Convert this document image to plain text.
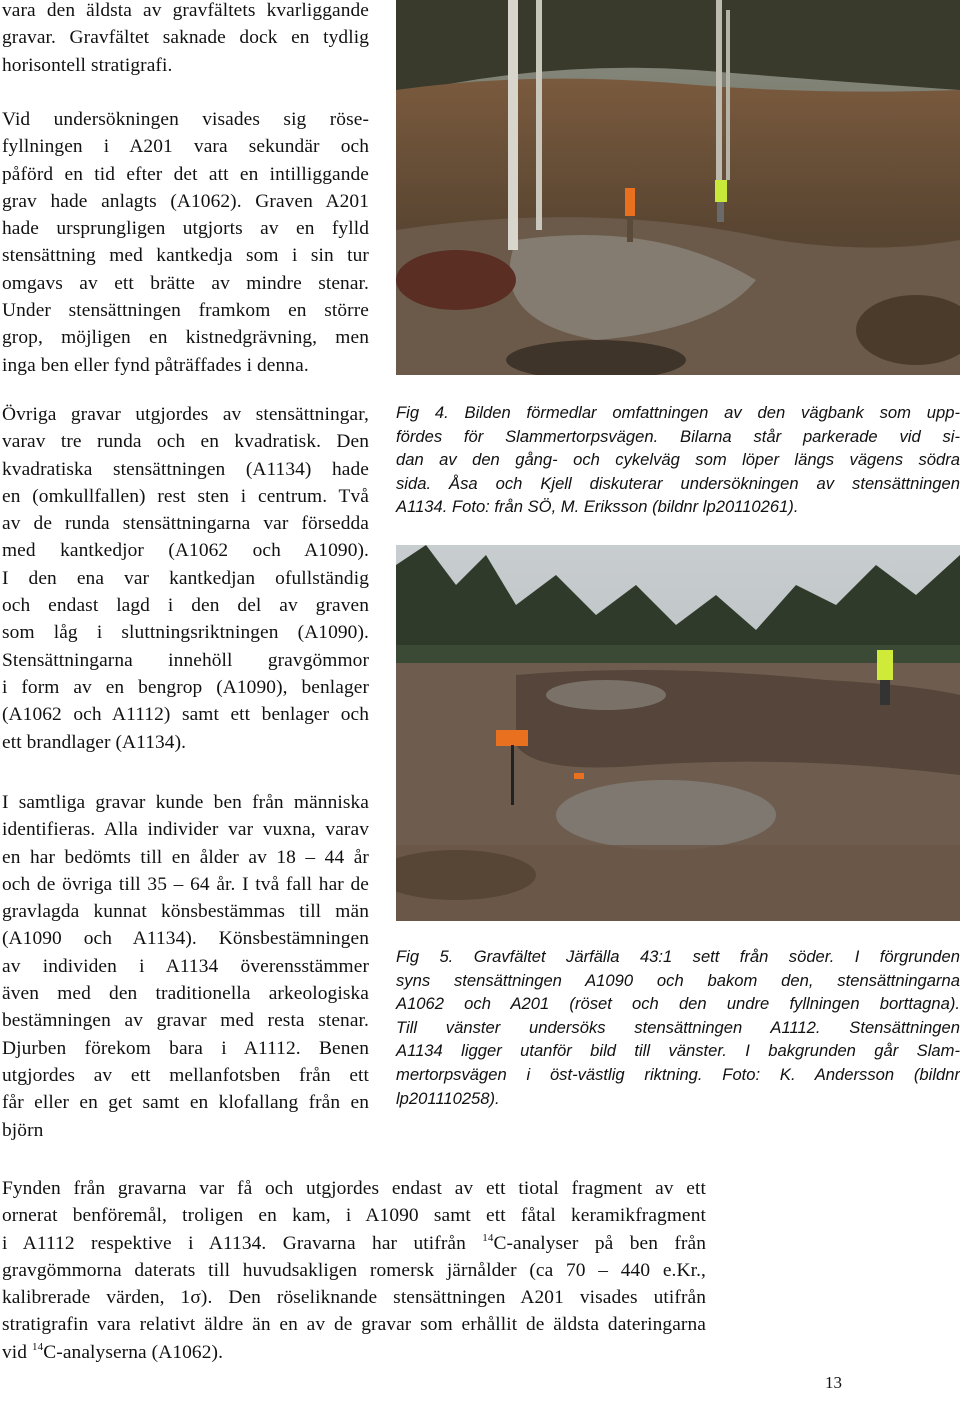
vara den äldsta av gravfältets kvarliggande
gravar. Gravfältet saknade dock en tydlig
horisontell stratigrafi.
Vid undersökningen visades sig röse-
fyllningen i A201 vara sekundär och
påförd en tid efter det att en intilliggande
grav hade anlagts (A1062). Graven A201
hade ursprungligen utgjorts av en fylld
stensättning med kantkedja som i sin tur
omgavs av ett brätte av mindre stenar.
Under stensättningen framkom en större
grop, möjligen en kistnedgrävning, men
inga ben eller fynd påträffades i denna.
Övriga gravar utgjordes av stensättningar,
varav tre runda och en kvadratisk. Den
kvadratiska stensättningen (A1134) hade
en (omkullfallen) rest sten i centrum. Två
av de runda stensättningarna var försedda
med kantkedjor (A1062 och A1090).
I den ena var kantkedjan ofullständig
och endast lagd i den del av graven
som låg i sluttningsriktningen (A1090).
Stensättningarna innehöll gravgömmor
i form av en bengrop (A1090), benlager
(A1062 och A1112) samt ett benlager och
ett brandlager (A1134).
I samtliga gravar kunde ben från människa
identifieras. Alla individer var vuxna, varav
en har bedömts till en ålder av 18 – 44 år
och de övriga till 35 – 64 år. I två fall har de
gravlagda kunnat könsbestämmas till män
(A1090 och A1134). Könsbestämningen
av individen i A1134 överensstämmer
även med den traditionella arkeologiska
bestämningen av gravar med resta stenar.
Djurben förekom bara i A1112. Benen
utgjordes av ett mellanfotsben från ett
får eller en get samt en klofallang från en
björn
Fynden från gravarna var få och utgjordes endast av ett tiotal fragment av ett
ornerat benföremål, troligen en kam, i A1090 samt ett fåtal keramikfragment
i A1112 respektive i A1134. Gravarna har utifrån $^{14}$C-analyser på ben från
gravgömmorna daterats till huvudsakligen romersk järnålder (ca 70 – 440 e.Kr.,
kalibrerade värden, 1σ). Den röseliknande stensättningen A201 visades utifrån
stratigrafin vara relativt äldre än en av de gravar som erhållit de äldsta dateringarna
vid $^{14}$C-analyserna (A1062).
Fig 4. Bilden förmedlar omfattningen av den vägbank som upp-
fördes för Slammertorpsvägen. Bilarna står parkerade vid si-
dan av den gång- och cykelväg som löper längs vägens södra
sida. Åsa och Kjell diskuterar undersökningen av stensättningen
A1134. Foto: från SÖ, M. Eriksson (bildnr lp20110261).
Fig 5. Gravfältet Järfälla 43:1 sett från söder. I förgrunden
syns stensättningen A1090 och bakom den, stensättningarna
A1062 och A201 (röset och den undre fyllningen borttagna).
Till vänster undersöks stensättningen A1112. Stensättningen
A1134 ligger utanför bild till vänster. I bakgrunden går Slam-
mertorpsvägen i öst-västlig riktning. Foto: K. Andersson (bildnr
lp201110258).
13
